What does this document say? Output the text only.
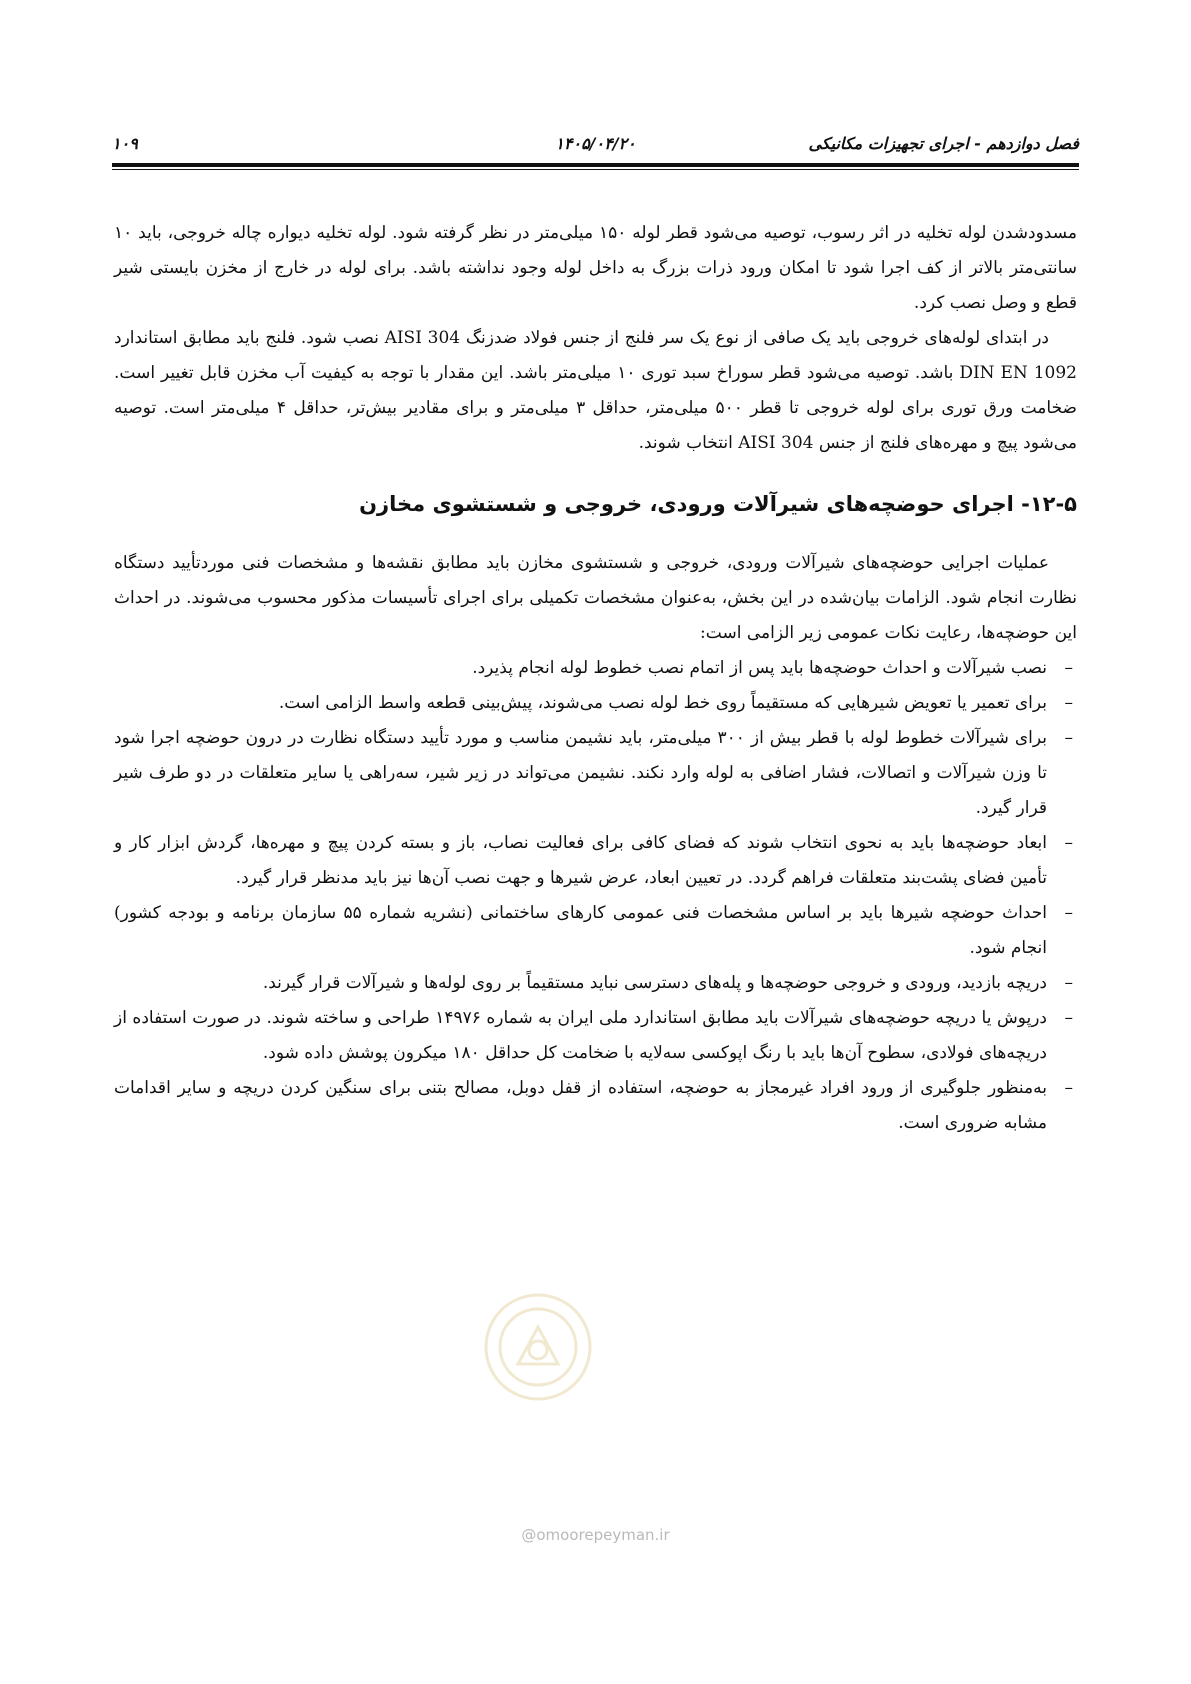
فصل دوازدهم - اجرای تجهیزات مکانیکی
۱۴۰۵/۰۴/۲۰
۱۰۹

مسدودشدن لوله تخلیه در اثر رسوب، توصیه می‌شود قطر لوله ۱۵۰ میلی‌متر در نظر گرفته شود. لوله تخلیه دیواره چاله خروجی، باید ۱۰ سانتی‌متر بالاتر از کف اجرا شود تا امکان ورود ذرات بزرگ به داخل لوله وجود نداشته باشد. برای لوله در خارج از مخزن بایستی شیر قطع و وصل نصب کرد.

در ابتدای لوله‌های خروجی باید یک صافی از نوع یک سر فلنج از جنس فولاد ضدزنگ AISI 304 نصب شود. فلنج باید مطابق استاندارد DIN EN 1092 باشد. توصیه می‌شود قطر سوراخ سبد توری ۱۰ میلی‌متر باشد. این مقدار با توجه به کیفیت آب مخزن قابل تغییر است. ضخامت ورق توری برای لوله خروجی تا قطر ۵۰۰ میلی‌متر، حداقل ۳ میلی‌متر و برای مقادیر بیش‌تر، حداقل ۴ میلی‌متر است. توصیه می‌شود پیچ و مهره‌های فلنج از جنس AISI 304 انتخاب شوند.

۱۲-۵- اجرای حوضچه‌های شیرآلات ورودی، خروجی و شستشوی مخازن

عملیات اجرایی حوضچه‌های شیرآلات ورودی، خروجی و شستشوی مخازن باید مطابق نقشه‌ها و مشخصات فنی موردتأیید دستگاه نظارت انجام شود. الزامات بیان‌شده در این بخش، به‌عنوان مشخصات تکمیلی برای اجرای تأسیسات مذکور محسوب می‌شوند. در احداث این حوضچه‌ها، رعایت نکات عمومی زیر الزامی است:

–
نصب شیرآلات و احداث حوضچه‌ها باید پس از اتمام نصب خطوط لوله انجام پذیرد.
–
برای تعمیر یا تعویض شیرهایی که مستقیماً روی خط لوله نصب می‌شوند، پیش‌بینی قطعه واسط الزامی است.
–
برای شیرآلات خطوط لوله با قطر بیش از ۳۰۰ میلی‌متر، باید نشیمن مناسب و مورد تأیید دستگاه نظارت در درون حوضچه اجرا شود تا وزن شیرآلات و اتصالات، فشار اضافی به لوله وارد نکند. نشیمن می‌تواند در زیر شیر، سه‌راهی یا سایر متعلقات در دو طرف شیر قرار گیرد.
–
ابعاد حوضچه‌ها باید به نحوی انتخاب شوند که فضای کافی برای فعالیت نصاب، باز و بسته کردن پیچ و مهره‌ها، گردش ابزار کار و تأمین فضای پشت‌بند متعلقات فراهم گردد. در تعیین ابعاد، عرض شیرها و جهت نصب آن‌ها نیز باید مدنظر قرار گیرد.
–
احداث حوضچه شیرها باید بر اساس مشخصات فنی عمومی کارهای ساختمانی (نشریه شماره ۵۵ سازمان برنامه و بودجه کشور) انجام شود.
–
دریچه بازدید، ورودی و خروجی حوضچه‌ها و پله‌های دسترسی نباید مستقیماً بر روی لوله‌ها و شیرآلات قرار گیرند.
–
درپوش یا دریچه حوضچه‌های شیرآلات باید مطابق استاندارد ملی ایران به شماره ۱۴۹۷۶ طراحی و ساخته شوند. در صورت استفاده از دریچه‌های فولادی، سطوح آن‌ها باید با رنگ اپوکسی سه‌لایه با ضخامت کل حداقل ۱۸۰ میکرون پوشش داده شود.
–
به‌منظور جلوگیری از ورود افراد غیرمجاز به حوضچه، استفاده از قفل دوبل، مصالح بتنی برای سنگین کردن دریچه و سایر اقدامات مشابه ضروری است.
@omoorepeyman.ir
